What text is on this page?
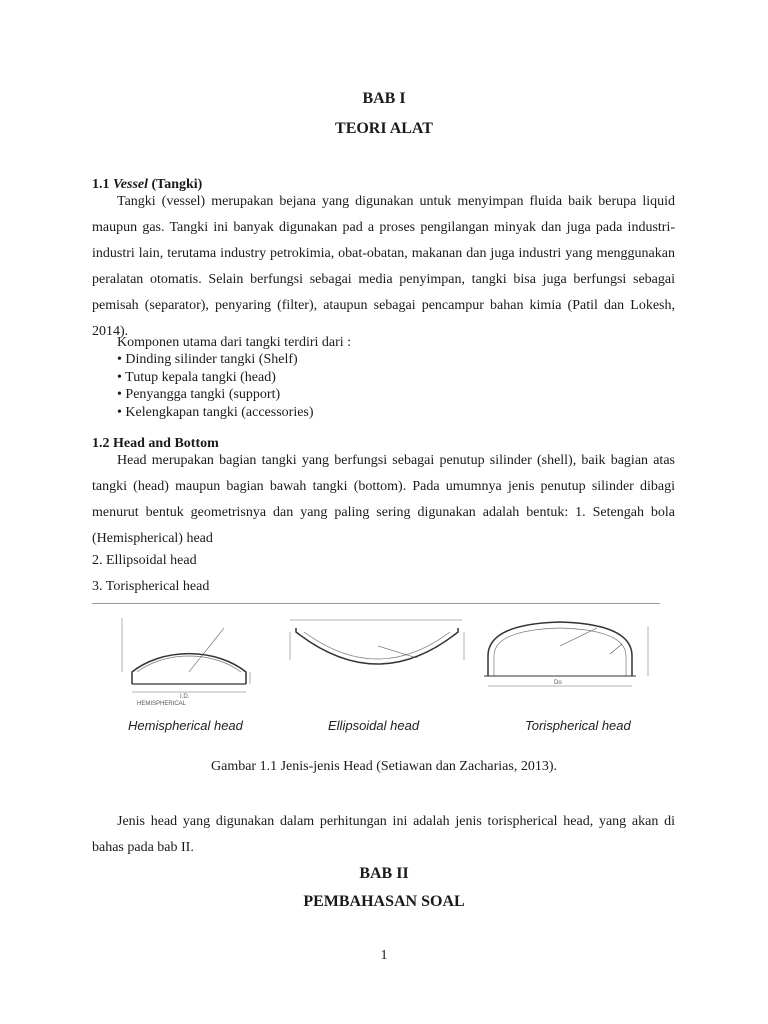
BAB I
TEORI ALAT
1.1 Vessel (Tangki)

Tangki (vessel) merupakan bejana yang digunakan untuk menyimpan fluida baik berupa liquid maupun gas. Tangki ini banyak digunakan pad a proses pengilangan minyak dan juga pada industri-industri lain, terutama industry petrokimia, obat-obatan, makanan dan juga industri yang menggunakan peralatan otomatis. Selain berfungsi sebagai media penyimpan, tangki bisa juga berfungsi sebagai pemisah (separator), penyaring (filter), ataupun sebagai pencampur bahan kimia (Patil dan Lokesh, 2014).

Komponen utama dari tangki terdiri dari :
• Dinding silinder tangki (Shelf)
• Tutup kepala tangki (head)
• Penyangga tangki (support)
• Kelengkapan tangki (accessories)
1.2 Head and Bottom

Head merupakan bagian tangki yang berfungsi sebagai penutup silinder (shell), baik bagian atas tangki (head) maupun bagian bawah tangki (bottom). Pada umumnya jenis penutup silinder dibagi menurut bentuk geometrisnya dan yang paling sering digunakan adalah bentuk: 1. Setengah bola (Hemispherical) head

2. Ellipsoidal head
3. Torispherical head
I.D.
HEMISPHERICAL
Do
Hemispherical head	Ellipsoidal head	Torispherical head
Gambar 1.1 Jenis-jenis Head (Setiawan dan Zacharias, 2013).

Jenis head yang digunakan dalam perhitungan ini adalah jenis torispherical head, yang akan di bahas pada bab II.

BAB II
PEMBAHASAN SOAL
1
